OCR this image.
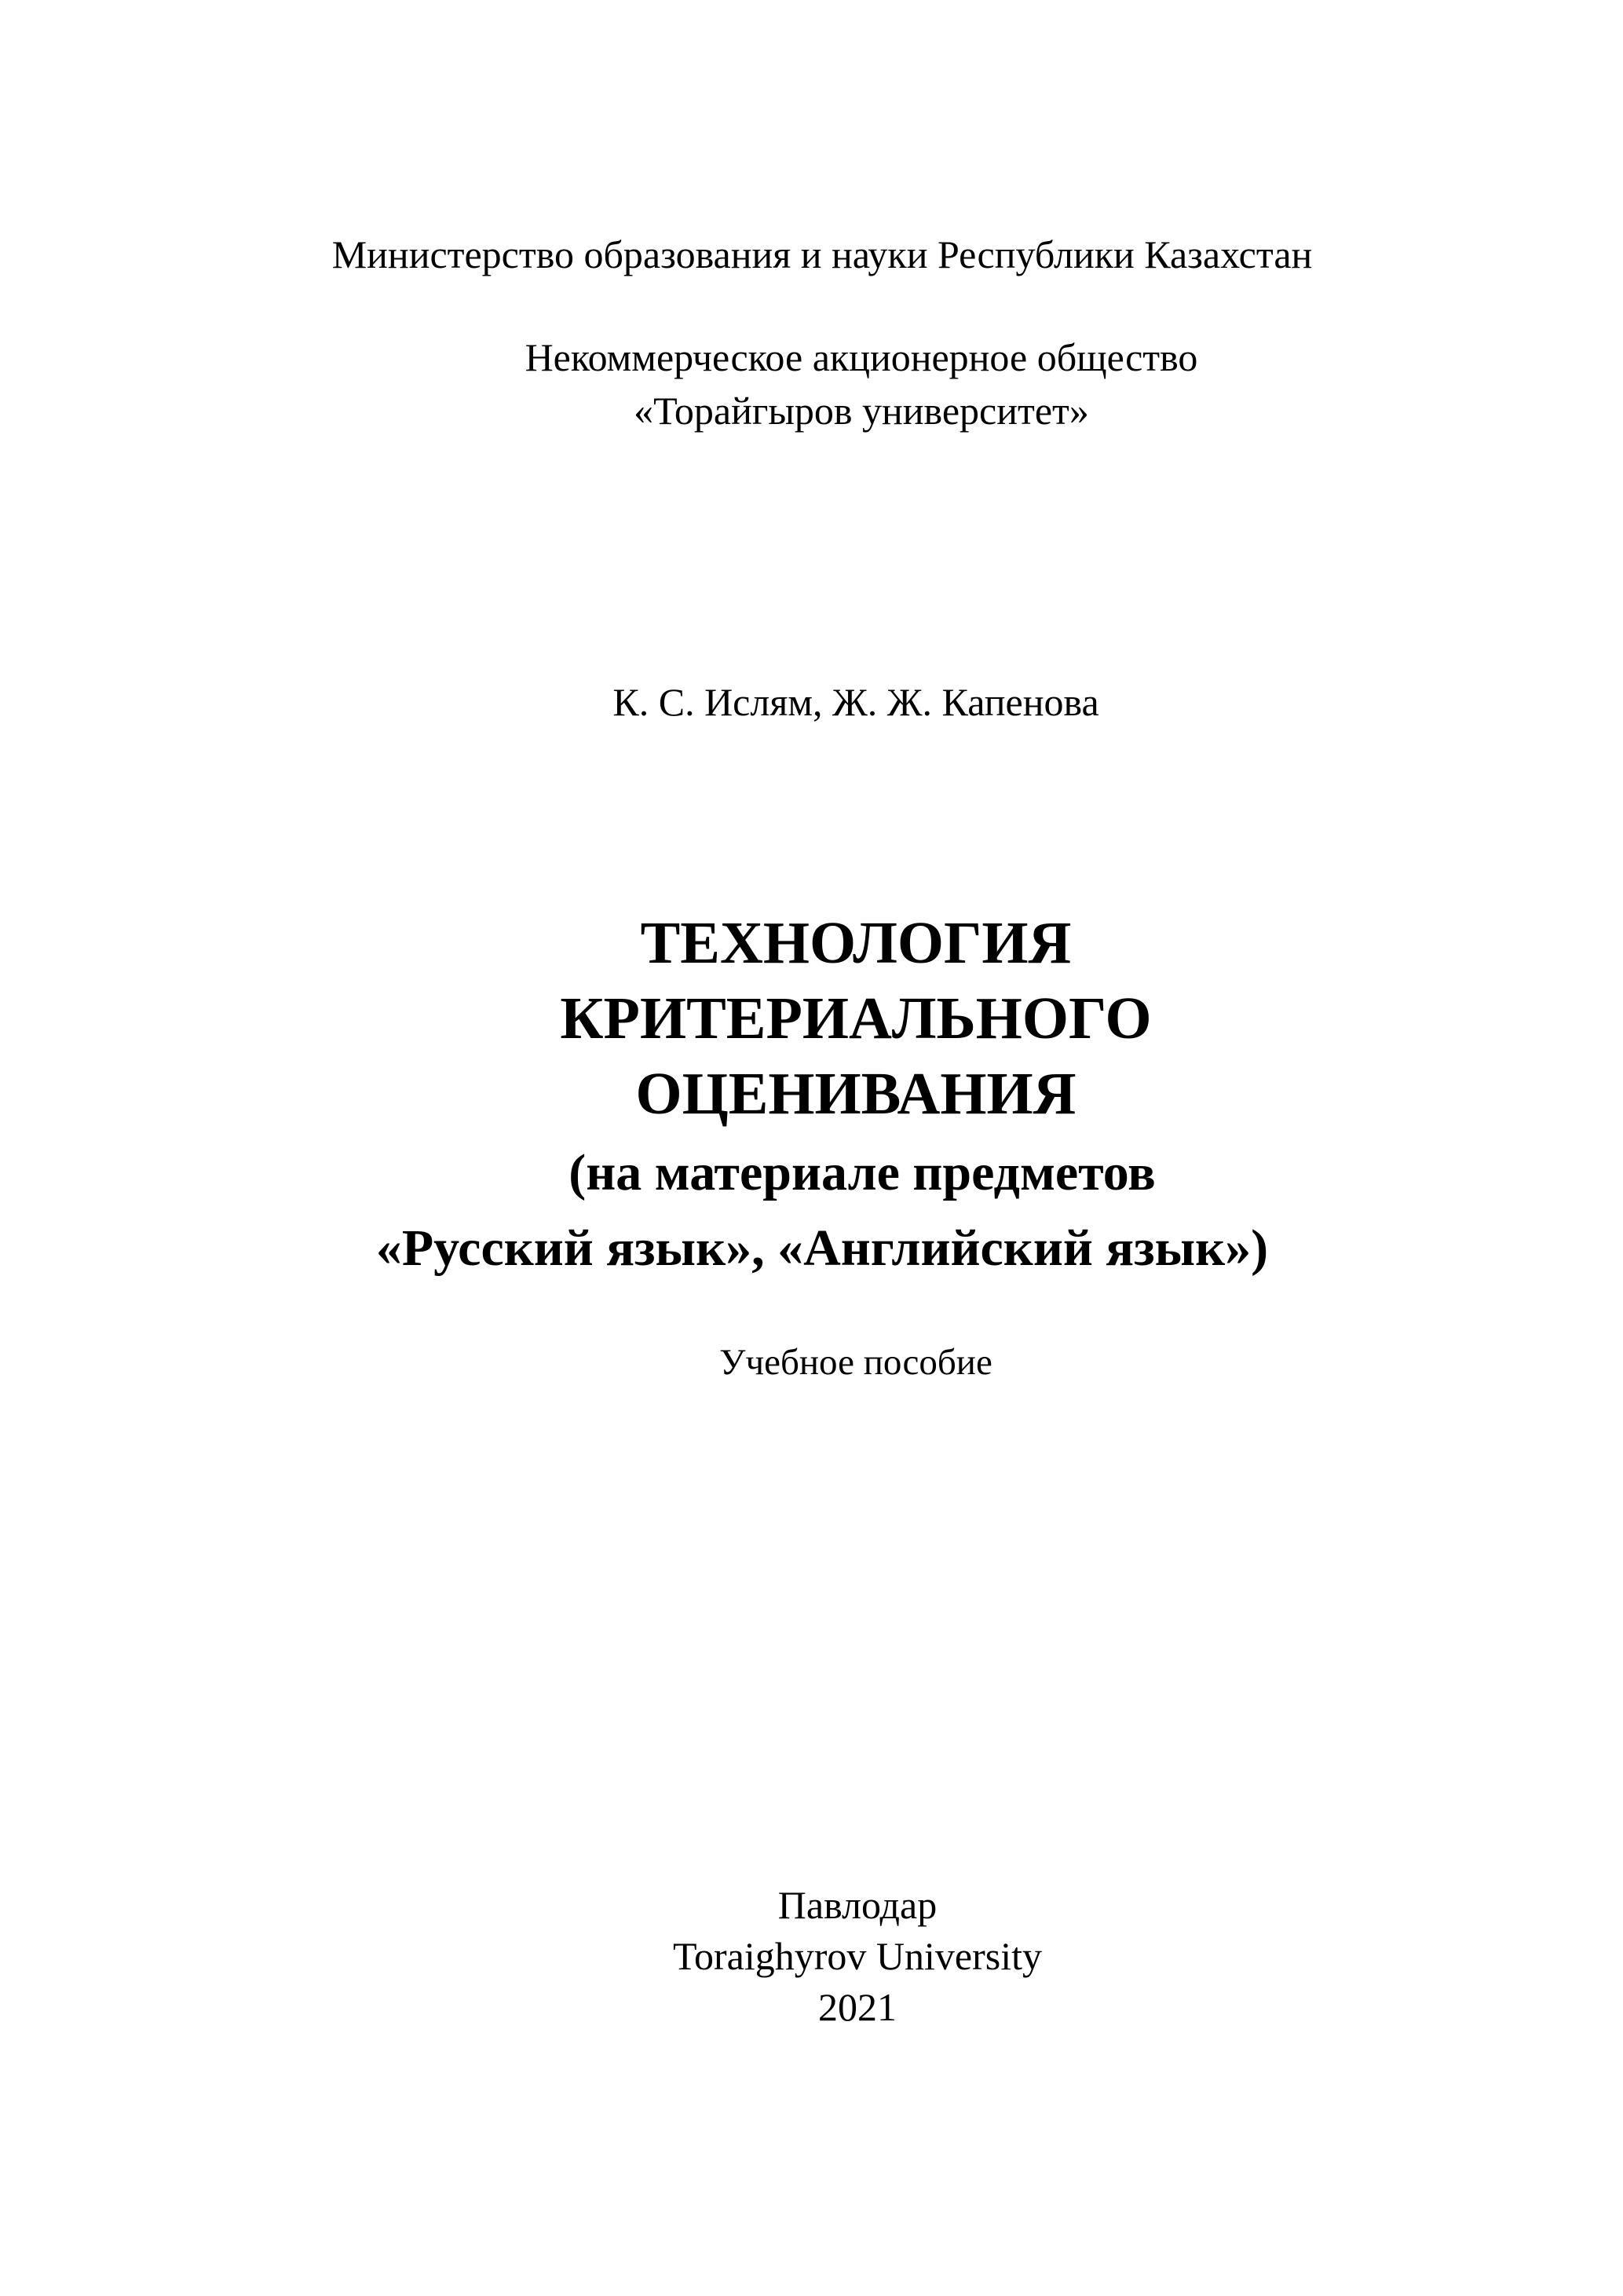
Министерство образования и науки Республики Казахстан
Некоммерческое акционерное общество
«Торайгыров университет»
К. С. Ислям, Ж. Ж. Капенова
ТЕХНОЛОГИЯ
КРИТЕРИАЛЬНОГО
ОЦЕНИВАНИЯ
(на материале предметов
«Русский язык», «Английский язык»)
Учебное пособие
Павлодар
Toraighyrov University
2021
